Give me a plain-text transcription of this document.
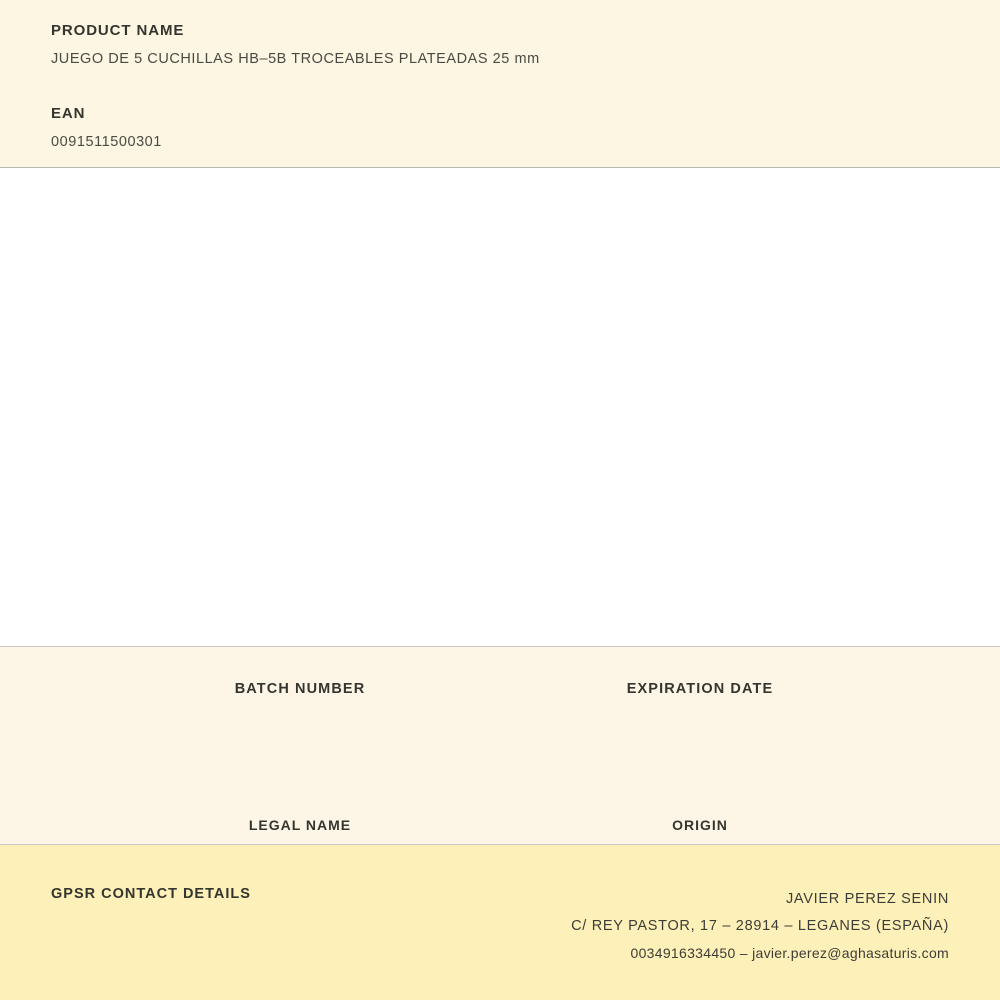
PRODUCT NAME
JUEGO DE 5 CUCHILLAS HB–5B TROCEABLES PLATEADAS 25 mm
EAN
0091511500301
BATCH NUMBER	EXPIRATION DATE
LEGAL NAME	ORIGIN
GPSR CONTACT DETAILS	JAVIER PEREZ SENIN
C/ REY PASTOR, 17 – 28914 – LEGANES (ESPAÑA)
0034916334450 – javier.perez@aghasaturis.com
